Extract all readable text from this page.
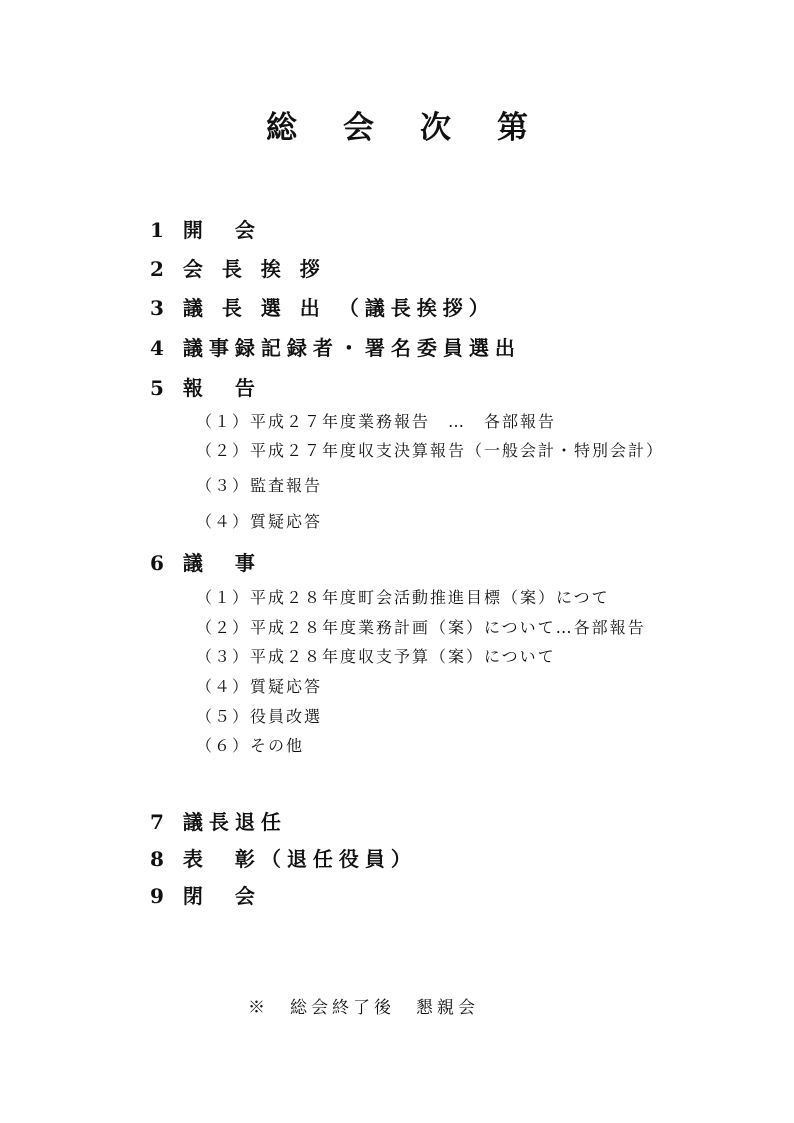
総会次第
1 開　会
2 会 長 挨 拶
3 議 長 選 出 （議長挨拶）
4 議事録記録者・署名委員選出
5 報　告
（１）平成２７年度業務報告　…　各部報告
（２）平成２７年度収支決算報告（一般会計・特別会計）
（３）監査報告
（４）質疑応答
6 議　事
（１）平成２８年度町会活動推進目標（案）につて
（２）平成２８年度業務計画（案）について…各部報告
（３）平成２８年度収支予算（案）について
（４）質疑応答
（５）役員改選
（６）その他
7 議長退任
8 表　彰（退任役員）
9 閉　会
※　総会終了後　懇親会
